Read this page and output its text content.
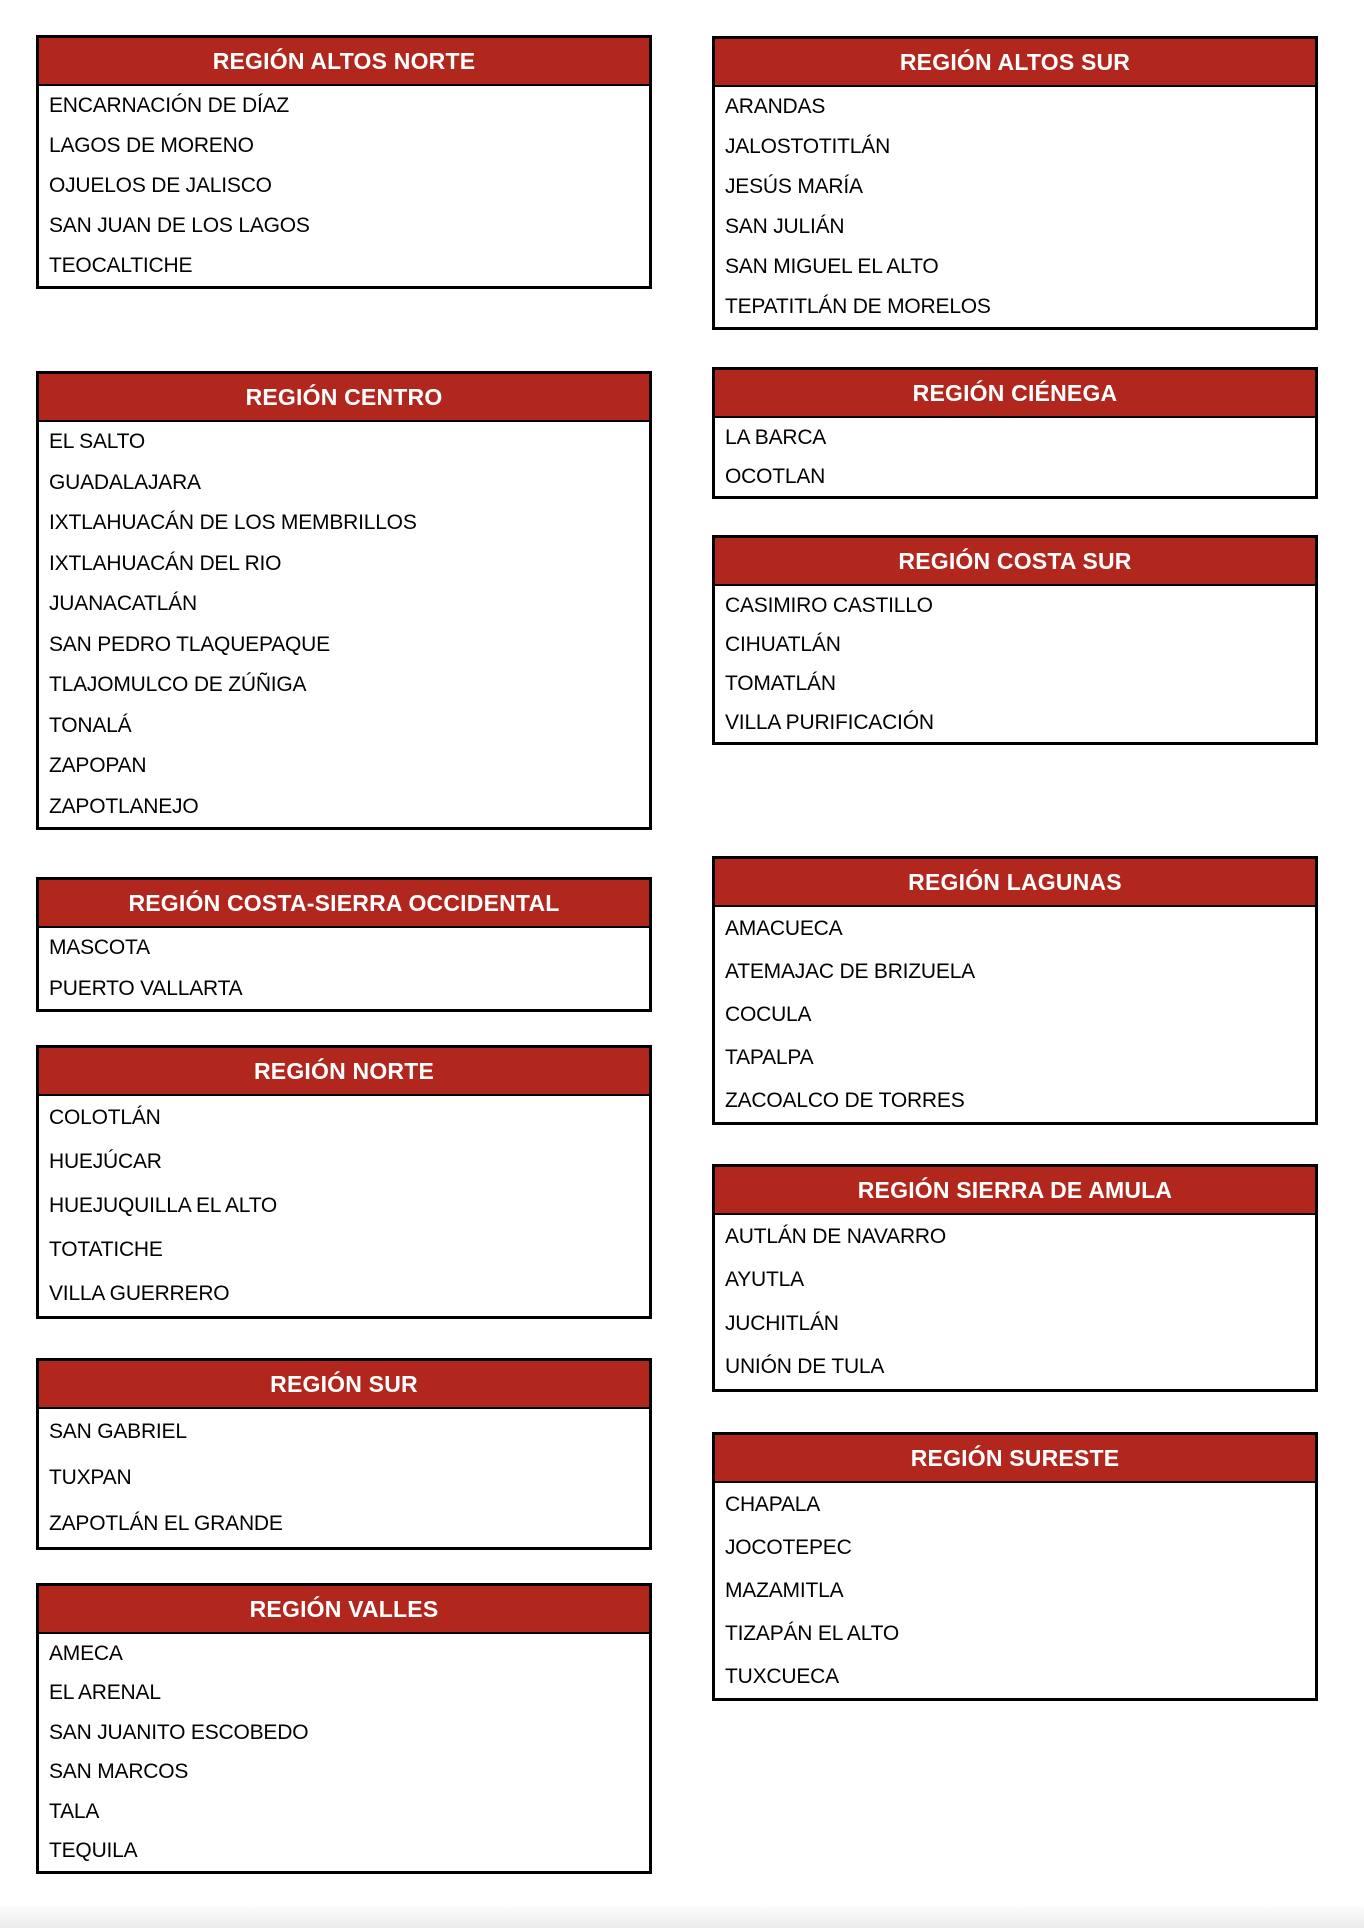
REGIÓN ALTOS NORTE
ENCARNACIÓN DE DÍAZ
LAGOS DE MORENO
OJUELOS DE JALISCO
SAN JUAN DE LOS LAGOS
TEOCALTICHE
REGIÓN CENTRO
EL SALTO
GUADALAJARA
IXTLAHUACÁN DE LOS MEMBRILLOS
IXTLAHUACÁN DEL RIO
JUANACATLÁN
SAN PEDRO TLAQUEPAQUE
TLAJOMULCO DE ZÚÑIGA
TONALÁ
ZAPOPAN
ZAPOTLANEJO
REGIÓN COSTA-SIERRA OCCIDENTAL
MASCOTA
PUERTO VALLARTA
REGIÓN NORTE
COLOTLÁN
HUEJÚCAR
HUEJUQUILLA EL ALTO
TOTATICHE
VILLA GUERRERO
REGIÓN SUR
SAN GABRIEL
TUXPAN
ZAPOTLÁN EL GRANDE
REGIÓN VALLES
AMECA
EL ARENAL
SAN JUANITO ESCOBEDO
SAN MARCOS
TALA
TEQUILA
REGIÓN ALTOS SUR
ARANDAS
JALOSTOTITLÁN
JESÚS MARÍA
SAN JULIÁN
SAN MIGUEL EL ALTO
TEPATITLÁN DE MORELOS
REGIÓN CIÉNEGA
LA BARCA
OCOTLAN
REGIÓN COSTA SUR
CASIMIRO CASTILLO
CIHUATLÁN
TOMATLÁN
VILLA PURIFICACIÓN
REGIÓN LAGUNAS
AMACUECA
ATEMAJAC DE BRIZUELA
COCULA
TAPALPA
ZACOALCO DE TORRES
REGIÓN SIERRA DE AMULA
AUTLÁN DE NAVARRO
AYUTLA
JUCHITLÁN
UNIÓN DE TULA
REGIÓN SURESTE
CHAPALA
JOCOTEPEC
MAZAMITLA
TIZAPÁN EL ALTO
TUXCUECA
